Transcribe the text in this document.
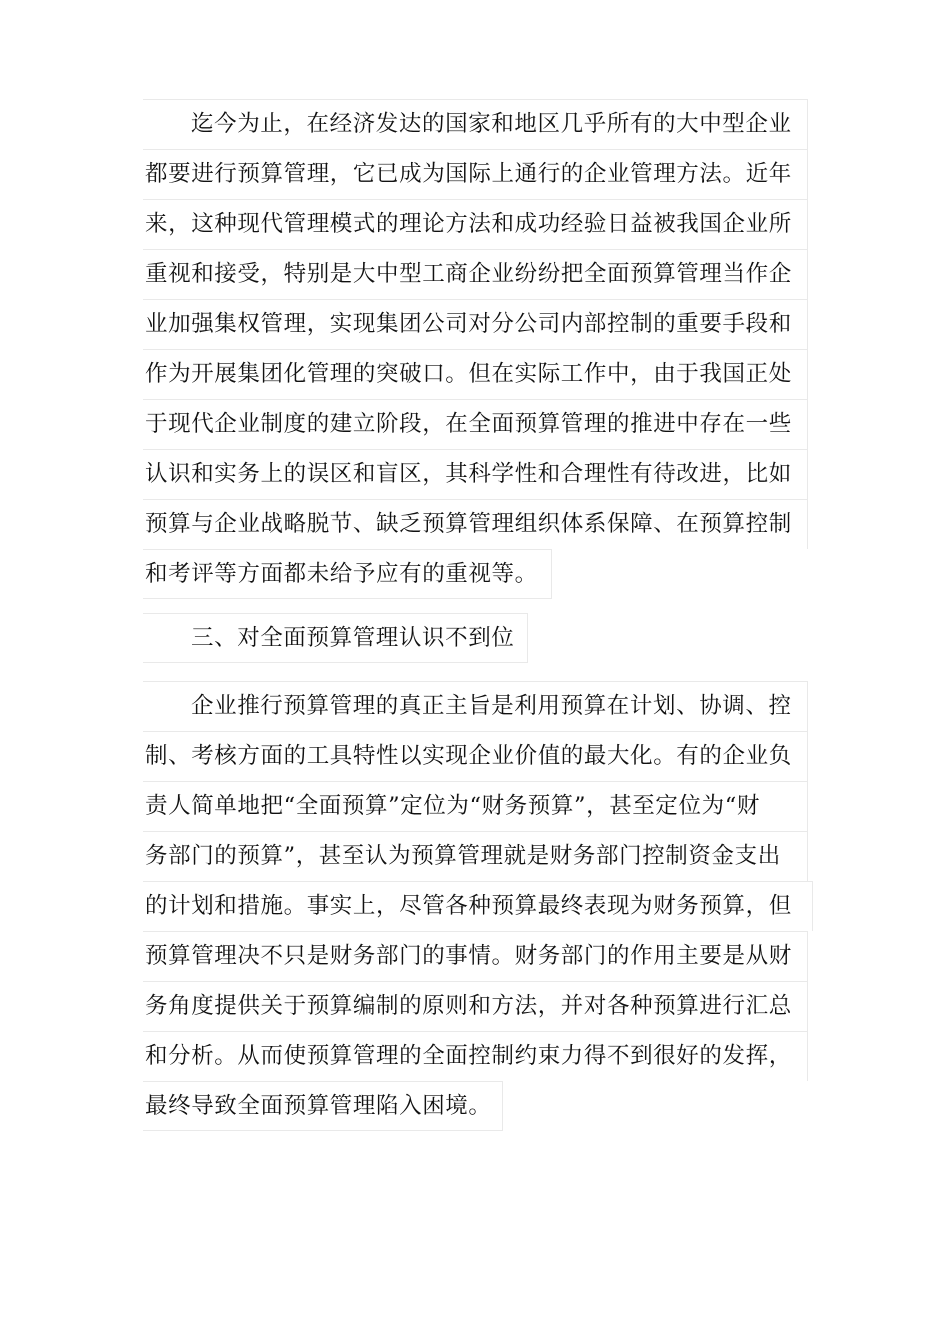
迄今为止，在经济发达的国家和地区几乎所有的大中型企业
都要进行预算管理，它已成为国际上通行的企业管理方法。近年
来，这种现代管理模式的理论方法和成功经验日益被我国企业所
重视和接受，特别是大中型工商企业纷纷把全面预算管理当作企
业加强集权管理，实现集团公司对分公司内部控制的重要手段和
作为开展集团化管理的突破口。但在实际工作中，由于我国正处
于现代企业制度的建立阶段，在全面预算管理的推进中存在一些
认识和实务上的误区和盲区，其科学性和合理性有待改进，比如
预算与企业战略脱节、缺乏预算管理组织体系保障、在预算控制
和考评等方面都未给予应有的重视等。
三、对全面预算管理认识不到位
企业推行预算管理的真正主旨是利用预算在计划、协调、控
制、考核方面的工具特性以实现企业价值的最大化。有的企业负
责人简单地把“全面预算”定位为“财务预算”，甚至定位为“财
务部门的预算”，甚至认为预算管理就是财务部门控制资金支出
的计划和措施。事实上，尽管各种预算最终表现为财务预算，但
预算管理决不只是财务部门的事情。财务部门的作用主要是从财
务角度提供关于预算编制的原则和方法，并对各种预算进行汇总
和分析。从而使预算管理的全面控制约束力得不到很好的发挥，
最终导致全面预算管理陷入困境。
